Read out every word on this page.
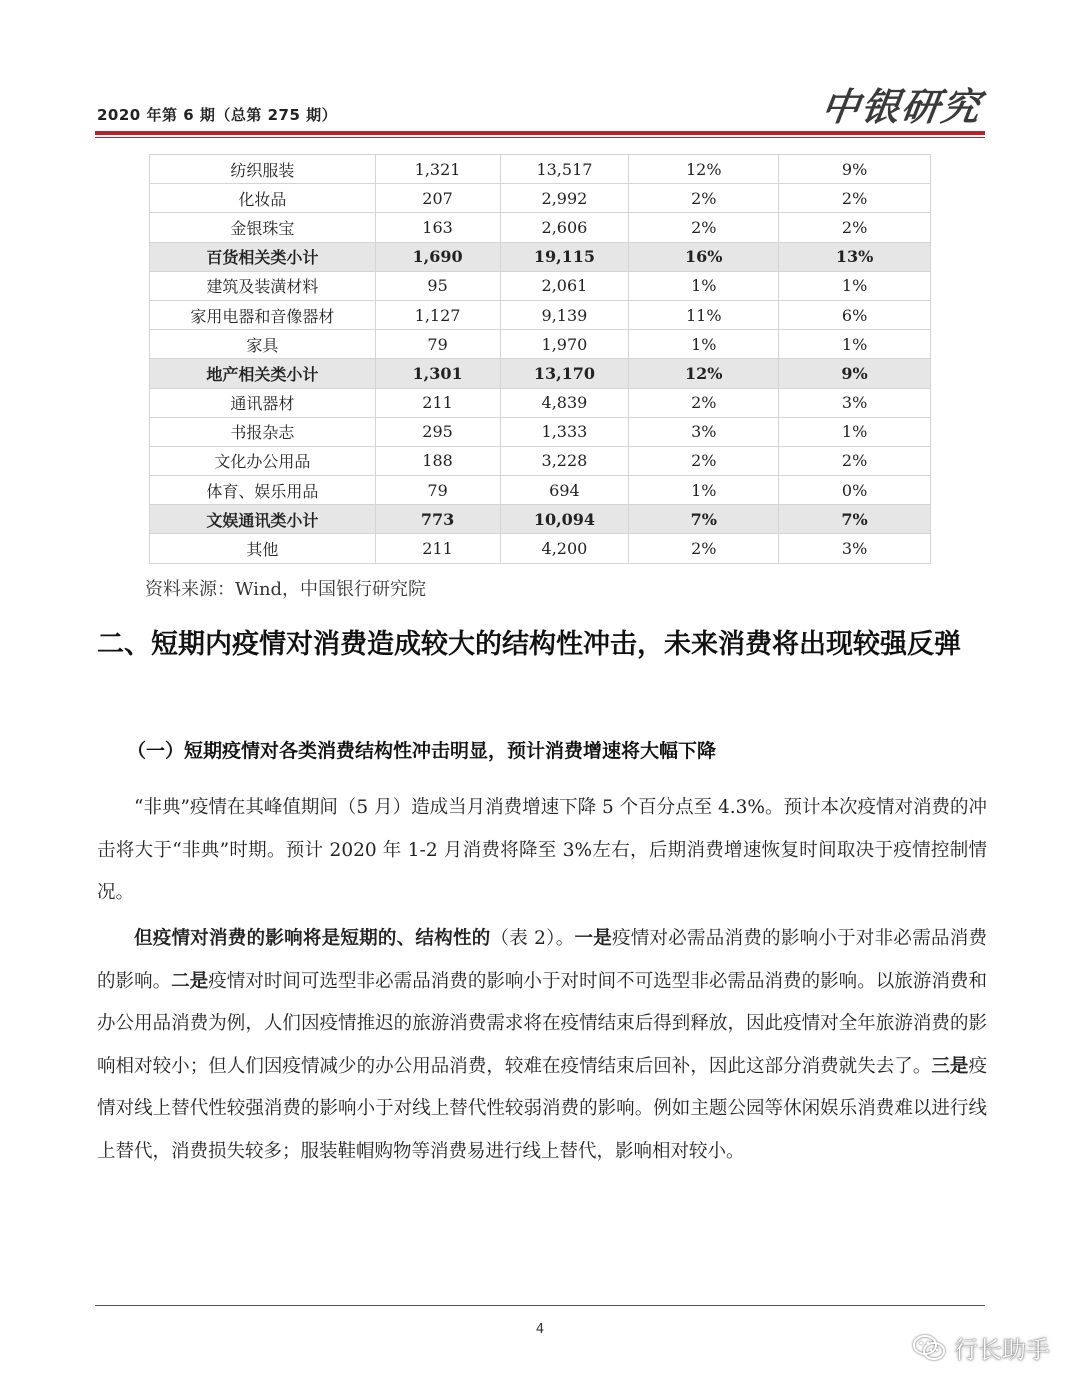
2020 年第 6 期（总第 275 期）	中银研究
纺织服装	1,321	13,517	12%	9%
化妆品	207	2,992	2%	2%
金银珠宝	163	2,606	2%	2%
百货相关类小计	1,690	19,115	16%	13%
建筑及装潢材料	95	2,061	1%	1%
家用电器和音像器材	1,127	9,139	11%	6%
家具	79	1,970	1%	1%
地产相关类小计	1,301	13,170	12%	9%
通讯器材	211	4,839	2%	3%
书报杂志	295	1,333	3%	1%
文化办公用品	188	3,228	2%	2%
体育、娱乐用品	79	694	1%	0%
文娱通讯类小计	773	10,094	7%	7%
其他	211	4,200	2%	3%
资料来源：Wind，中国银行研究院
二、短期内疫情对消费造成较大的结构性冲击，未来消费将出现较强反弹
（一）短期疫情对各类消费结构性冲击明显，预计消费增速将大幅下降

“非典”疫情在其峰值期间（5 月）造成当月消费增速下降 5 个百分点至 4.3%。预计本次疫情对消费的冲击将大于“非典”时期。预计 2020 年 1-2 月消费将降至 3%左右，后期消费增速恢复时间取决于疫情控制情况。

但疫情对消费的影响将是短期的、结构性的（表 2）。一是疫情对必需品消费的影响小于对非必需品消费的影响。二是疫情对时间可选型非必需品消费的影响小于对时间不可选型非必需品消费的影响。以旅游消费和办公用品消费为例，人们因疫情推迟的旅游消费需求将在疫情结束后得到释放，因此疫情对全年旅游消费的影响相对较小；但人们因疫情减少的办公用品消费，较难在疫情结束后回补，因此这部分消费就失去了。三是疫情对线上替代性较强消费的影响小于对线上替代性较弱消费的影响。例如主题公园等休闲娱乐消费难以进行线上替代，消费损失较多；服装鞋帽购物等消费易进行线上替代，影响相对较小。

4
行长助手
